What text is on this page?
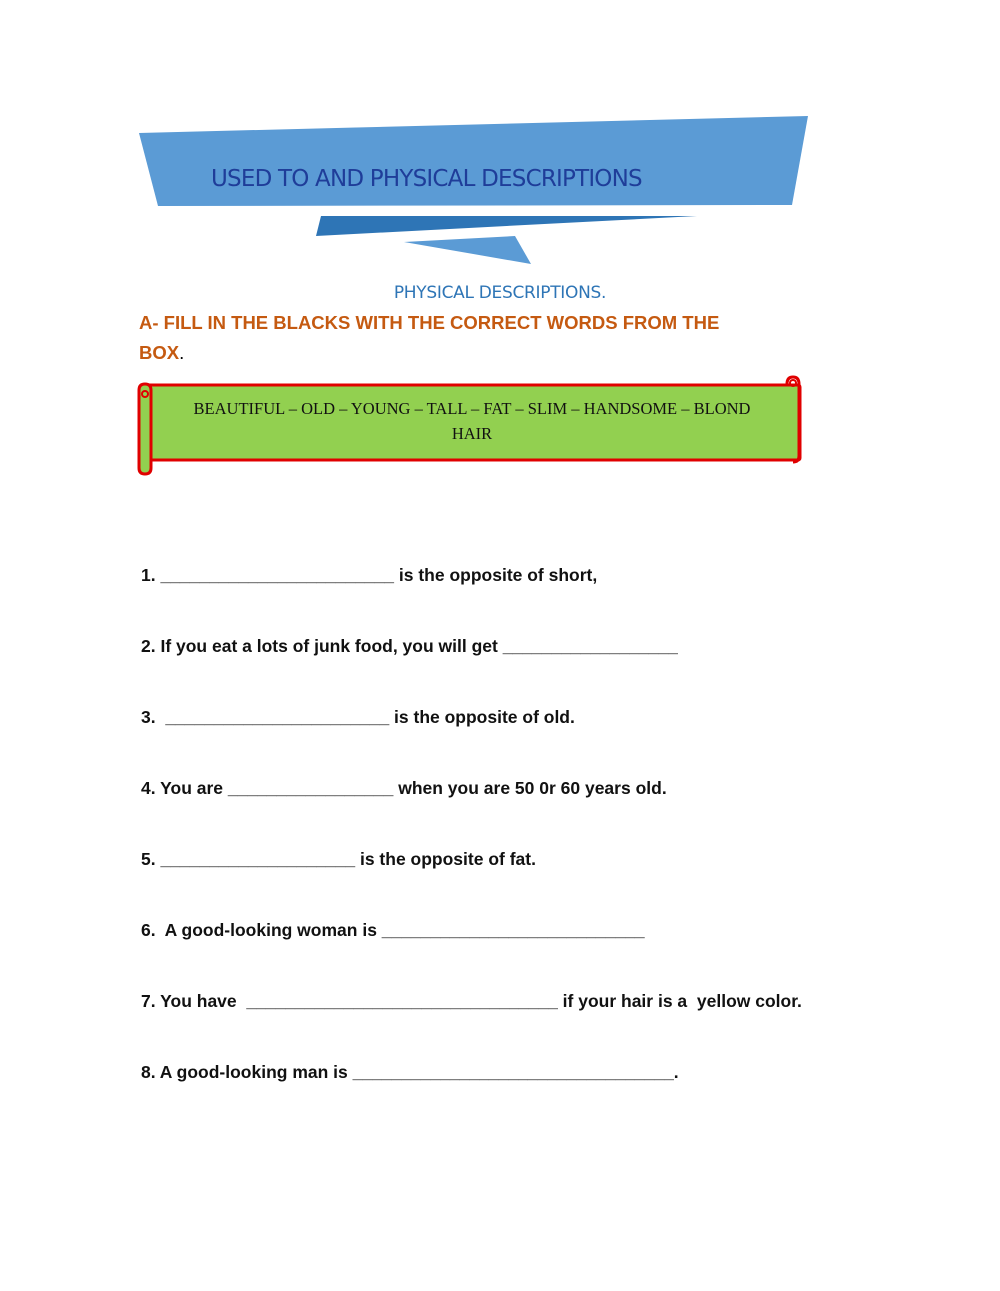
USED TO AND PHYSICAL DESCRIPTIONS
PHYSICAL DESCRIPTIONS.
A- FILL IN THE BLACKS WITH THE CORRECT WORDS FROM THE
BOX.
BEAUTIFUL – OLD – YOUNG – TALL – FAT – SLIM – HANDSOME – BLOND
HAIR
1. ________________________ is the opposite of short,
2. If you eat a lots of junk food, you will get __________________
3.  _______________________ is the opposite of old.
4. You are _________________ when you are 50 0r 60 years old.
5. ____________________ is the opposite of fat.
6.  A good-looking woman is ___________________________
7. You have  ________________________________ if your hair is a  yellow color.
8. A good-looking man is _________________________________.
